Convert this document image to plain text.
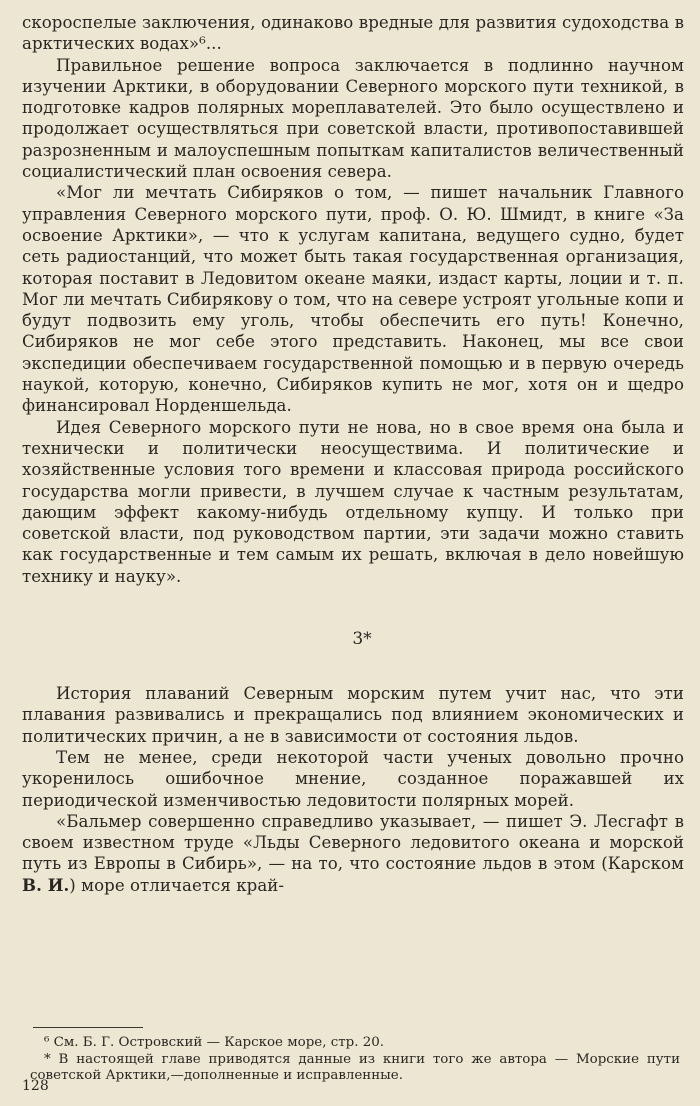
скороспелые заключения, одинаково вредные для развития судоходства в арктических водах»⁶...

Правильное решение вопроса заключается в подлинно научном изучении Арктики, в оборудовании Северного морского пути техникой, в подготовке кадров полярных мореплавателей. Это было осуществлено и продолжает осуществляться при советской власти, противопоставившей разрозненным и малоуспешным попыткам капиталистов величественный социалистический план освоения севера.

«Мог ли мечтать Сибиряков о том, — пишет начальник Главного управления Северного морского пути, проф. О. Ю. Шмидт, в книге «За освоение Арктики», — что к услугам капитана, ведущего судно, будет сеть радиостанций, что может быть такая государственная организация, которая поставит в Ледовитом океане маяки, издаст карты, лоции и т. п. Мог ли мечтать Сибирякову о том, что на севере устроят угольные копи и будут подвозить ему уголь, чтобы обеспечить его путь! Конечно, Сибиряков не мог себе этого представить. Наконец, мы все свои экспедиции обеспечиваем государственной помощью и в первую очередь наукой, которую, конечно, Сибиряков купить не мог, хотя он и щедро финансировал Норденшельда.

Идея Северного морского пути не нова, но в свое время она была и технически и политически неосуществима. И политические и хозяйственные условия того времени и классовая природа российского государства могли привести, в лучшем случае к частным результатам, дающим эффект какому-нибудь отдельному купцу. И только при советской власти, под руководством партии, эти задачи можно ставить как государственные и тем самым их решать, включая в дело новейшую технику и науку».

3*

История плаваний Северным морским путем учит нас, что эти плавания развивались и прекращались под влиянием экономических и политических причин, а не в зависимости от состояния льдов.

Тем не менее, среди некоторой части ученых довольно прочно укоренилось ошибочное мнение, созданное поражавшей их периодической изменчивостью ледовитости полярных морей.

«Бальмер совершенно справедливо указывает, — пишет Э. Лесгафт в своем известном труде «Льды Северного ледовитого океана и морской путь из Европы в Сибирь», — на то, что состояние льдов в этом (Карском В. И.) море отличается край-

⁶ См. Б. Г. Островский — Карское море, стр. 20.

* В настоящей главе приводятся данные из книги того же автора — Морские пути советской Арктики,—дополненные и исправленные.

128
